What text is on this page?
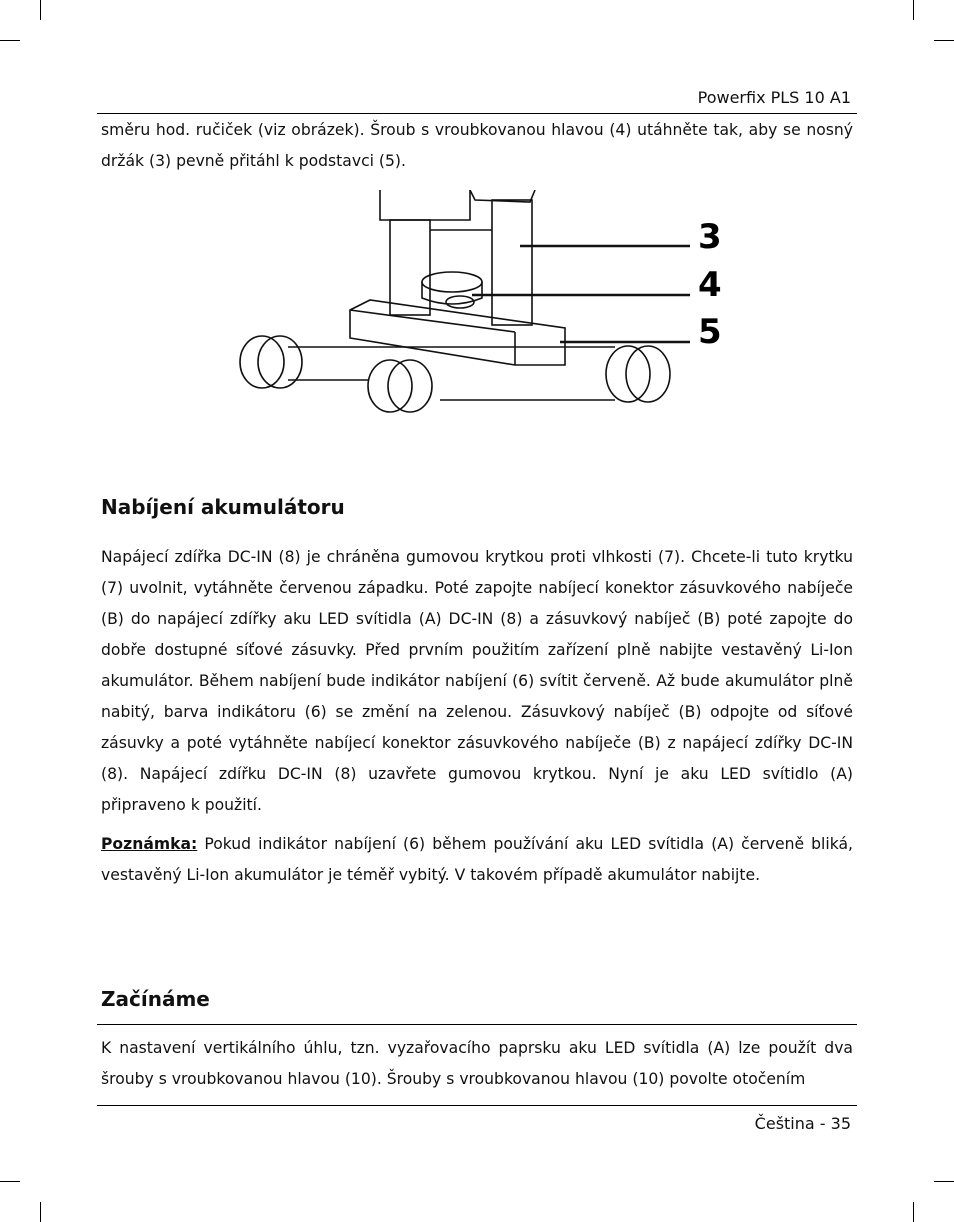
Powerfix PLS 10 A1

směru hod. ručiček (viz obrázek). Šroub s vroubkovanou hlavou (4) utáhněte tak, aby se nosný držák (3) pevně přitáhl k podstavci (5).

3
4
5
Nabíjení akumulátoru

Napájecí zdířka DC-IN (8) je chráněna gumovou krytkou proti vlhkosti (7). Chcete-li tuto krytku (7) uvolnit, vytáhněte červenou západku. Poté zapojte nabíjecí konektor zásuvkového nabíječe (B) do napájecí zdířky aku LED svítidla (A) DC-IN (8) a zásuvkový nabíječ (B) poté zapojte do dobře dostupné síťové zásuvky. Před prvním použitím zařízení plně nabijte vestavěný Li-Ion akumulátor. Během nabíjení bude indikátor nabíjení (6) svítit červeně. Až bude akumulátor plně nabitý, barva indikátoru (6) se změní na zelenou. Zásuvkový nabíječ (B) odpojte od síťové zásuvky a poté vytáhněte nabíjecí konektor zásuvkového nabíječe (B) z napájecí zdířky DC-IN (8). Napájecí zdířku DC-IN (8) uzavřete gumovou krytkou. Nyní je aku LED svítidlo (A) připraveno k použití.

Poznámka: Pokud indikátor nabíjení (6) během používání aku LED svítidla (A) červeně bliká, vestavěný Li-Ion akumulátor je téměř vybitý. V takovém případě akumulátor nabijte.

Začínáme

K nastavení vertikálního úhlu, tzn. vyzařovacího paprsku aku LED svítidla (A) lze použít dva šrouby s vroubkovanou hlavou (10). Šrouby s vroubkovanou hlavou (10) povolte otočením

Čeština - 35
